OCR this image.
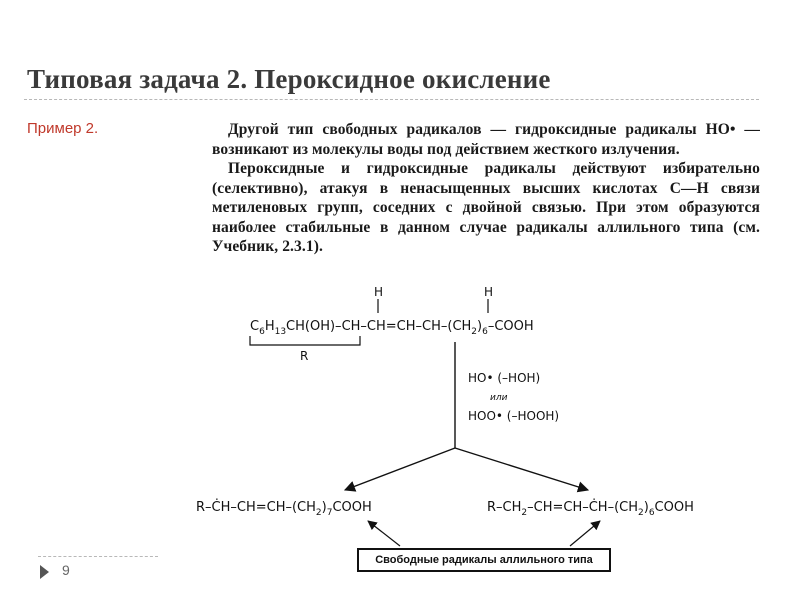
Типовая задача 2. Пероксидное окисление
Пример 2.	Другой тип свободных радикалов — гидроксидные радикалы HO• — возникают из молекулы воды под действием жесткого излучения.

Пероксидные и гидроксидные радикалы действуют избирательно (селективно), атакуя в ненасыщенных высших кислотах С—Н связи метиленовых групп, соседних с двойной связью. При этом образуются наиболее стабильные в данном случае радикалы аллильного типа (см. Учебник, 2.3.1).

H	H
$C_6H_{13}CH(OH)-CH-CH=CH-CH-(CH_2)_6$–COOH
R
HO• (–HOH)
или
HOO• (–HOOH)
$R-ĊH-CH=CH-(CH_2)_7COOH$	$R-CH_2-CH=CH-ĊH-(CH_2)_6COOH$
Свободные радикалы аллильного типа
9
